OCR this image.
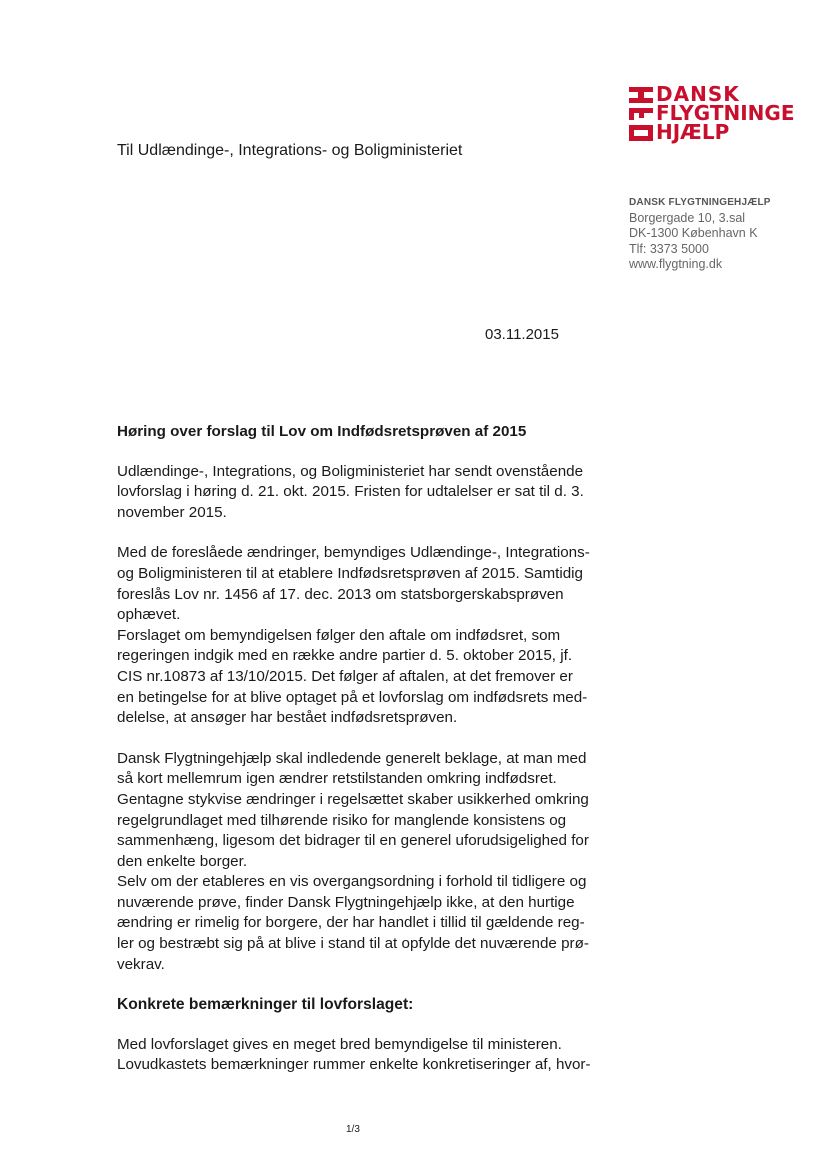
DANSK
FLYGTNINGE
HJÆLP
Til Udlændinge-, Integrations- og Boligministeriet
DANSK FLYGTNINGEHJÆLP
Borgergade 10, 3.sal
DK-1300 København K
Tlf: 3373 5000
www.flygtning.dk
03.11.2015
Høring over forslag til Lov om Indfødsretsprøven af 2015

Udlændinge-, Integrations, og Boligministeriet har sendt ovenstående
lovforslag i høring d. 21. okt. 2015. Fristen for udtalelser er sat til d. 3.
november 2015.

Med de foreslåede ændringer, bemyndiges Udlændinge-, Integrations-
og Boligministeren til at etablere Indfødsretsprøven af 2015. Samtidig
foreslås Lov nr. 1456 af 17. dec. 2013 om statsborgerskabsprøven
ophævet.
Forslaget om bemyndigelsen følger den aftale om indfødsret, som
regeringen indgik med en række andre partier d. 5. oktober 2015, jf.
CIS nr.10873 af 13/10/2015. Det følger af aftalen, at det fremover er
en betingelse for at blive optaget på et lovforslag om indfødsrets med-
delelse, at ansøger har bestået indfødsretsprøven.

Dansk Flygtningehjælp skal indledende generelt beklage, at man med
så kort mellemrum igen ændrer retstilstanden omkring indfødsret.
Gentagne stykvise ændringer i regelsættet skaber usikkerhed omkring
regelgrundlaget med tilhørende risiko for manglende konsistens og
sammenhæng, ligesom det bidrager til en generel uforudsigelighed for
den enkelte borger.
Selv om der etableres en vis overgangsordning i forhold til tidligere og
nuværende prøve, finder Dansk Flygtningehjælp ikke, at den hurtige
ændring er rimelig for borgere, der har handlet i tillid til gældende reg-
ler og bestræbt sig på at blive i stand til at opfylde det nuværende prø-
vekrav.

Konkrete bemærkninger til lovforslaget:

Med lovforslaget gives en meget bred bemyndigelse til ministeren.
Lovudkastets bemærkninger rummer enkelte konkretiseringer af, hvor-

1/3
